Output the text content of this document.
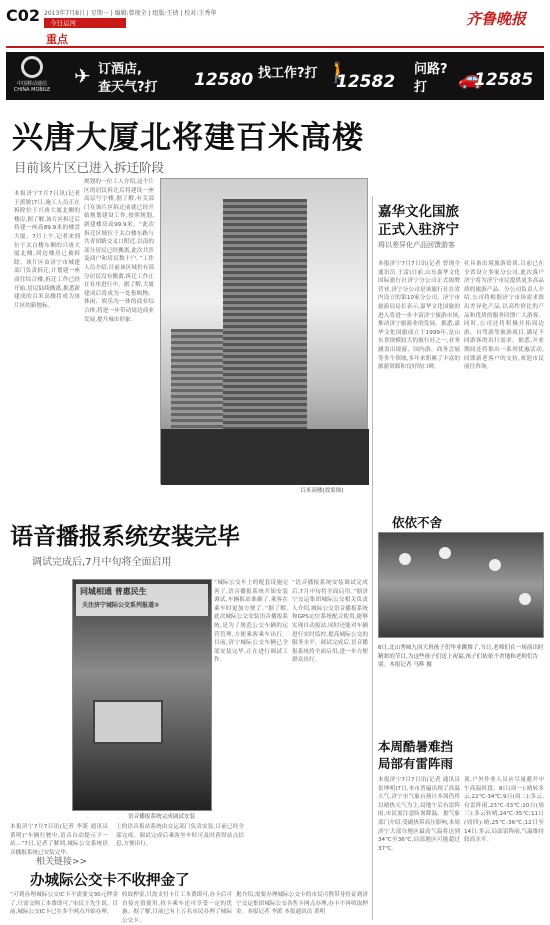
C02 2013年7月8日 | 星期一 | 编辑:曾现全 | 组版:王倩 | 校对:王秀华
今日运河
重点
齐鲁晚报
中国移动通信
CHINA MOBILE
✈ 订酒店,
查天气?打 12580 找工作?打 🚶
12582
问路?
打 🚗
12585
兴唐大厦北将建百米高楼
目前该片区已进入拆迁阶段
本报济宁7月7日讯(记者 王派敏)7日,施工人员正在拆除位于兴唐大厦北侧的楼房,据了解,该片区拆迁后将建一座高89.9米的楼盘大厦。7月上午,记者来到位于太白楼东侧的兴唐大厦北侧,周边楼房已被拆除。该片区由济宁市城建部门负责拆迁,计划建一座商住综合楼,拆迁工作已经开始,居民陆续搬离,据悉新建成的百米高楼将成为该片区的新地标。
规划的一位工人介绍,这个片区的居民拆迁后将建设一座高层写字楼,据了解,有关部门在该片区拆迁前就已经开始规划建设工作,按照规划,新建楼房高99.9米。“此次拆迁区域位于太白楼东路与共青团路交叉口附近,以南的部分居民已经搬离,此次共涉及商户和居民数十户。”工作人员介绍,目前该区域仍有部分居民没有搬离,拆迁工作正在有序进行中。据了解,大厦建成后将成为一处集购物、休闲、娱乐为一体的商业综合体,将进一步带动周边商业发展,提升城市形象。
百米高楼(效果图)
嘉华文化国旅
正式入驻济宁
将以差异化产品回馈游客
本报济宁7月7日讯(记者 曾现全 通讯员 王雷)日前,山东嘉华文化国际旅行社济宁分公司正式揭牌营业,济宁分公司是该旅行社在省内设立的第10家分公司。济宁市旅游局局长表示,嘉华文化国旅的进入将进一步丰富济宁旅游市场,推动济宁旅游业的发展。据悉,嘉华文化国旅成立于1999年,是山东省规模较大的旅行社之一,业务涵盖出境游、国内游、商务会展等多个领域,多年来积累了丰富的旅游资源和良好的口碑。
社具备出境旅游资质,目前已在全省设立多家分公司,此次落户济宁将为济宁市民提供更多高品质的旅游产品。分公司负责人介绍,公司将根据济宁市场需求推出差异化产品,以高性价比的产品和优质的服务回馈广大游客。同时,公司还将积极开拓周边游、自驾游等旅游项目,满足不同游客的出行需求。据悉,开业期间还将推出一系列优惠活动,回馈新老客户的支持,欢迎市民前往咨询。
依依不舍
6日,北山秀城九岗大班孩子们毕业跳舞了,当日,老师们在一场演出时精彩的节目,为这些孩子们送上祝福,孩子们依依不舍地和老师们告别。本报记者 马辉 摄
本周酷暑难挡
局部有雷阵雨
本报济宁7月7日讯(记者 通讯员 张坤明)7日,本市普遍出现了高温天气,济宁市气象台预计本周仍将以晴热天气为主,局地午后有雷阵雨,市民需注意防暑降温。据气象部门介绍,受副热带高压影响,本周济宁大部分地区最高气温将达到34℃至36℃,局部地区可能超过37℃。
暑,户外作业人员应尽量避开中午高温时段。8日(周一):晴转多云,22℃-34℃;9日(周二):多云,有雷阵雨,23℃-33℃;10日(周三):多云转晴,24℃-35℃;11日(周四):晴,25℃-36℃;12日至14日:多云,局部雷阵雨,气温维持较高水平。
语音播报系统安装完毕
调试完成后,7月中旬将全面启用
同城相通 普惠民生
关注济宁城际公交系列报道③
语音播报系统完成调试安装
“城际公交车上的配套设施完善了,语音播报系统开始安装调试,车辆报站准确了,乘客在乘车时更加方便了。”据了解,此次城际公交安装语音播报系统,是为了规范公交车辆的运营管理,方便乘客乘车出行。目前,济宁城际公交车辆已全部安装完毕,正在进行调试工作。
“语音播报系统安装调试完成后,7月中旬将全面启用。”据济宁交运集团城际公交相关负责人介绍,城际公交语音播报系统和GPS定位系统配合使用,能够实现自动报站,同时还能对车辆进行实时监控,提高城际公交的服务水平。调试完成后,语音播报系统将全面启用,进一步方便群众出行。
本报济宁7月7日讯(记者 李派 通讯员 黄明)“车辆行驶中,语音自动提示下一站…”7日,记者了解到,城际公交系统语音播报系统已安装完毕。
上的语音报站系统由交运部门负责安装,目前已经全部完成。调试完成后乘客坐车时可及时获得站点信息,方便出行。
相关链接>>
办城际公交卡不收押金了
“可到办理城际公交IC卡不需要交30元押金了,只需交纳工本费即可,”市民王先生说。目前,城际公交IC卡已在多个网点开始办理。
收取押金,只需支付卡片工本费即可,办卡后可直接充值使用,持卡乘车还可享受一定的优惠。据了解,目前已有上万名市民办理了城际公交卡。
据介绍,需要办理城际公交卡的市民可携带身份证到济宁交运集团城际公交各售卡网点办理,办卡不再收取押金。本报记者 李派 本报通讯员 黄明
